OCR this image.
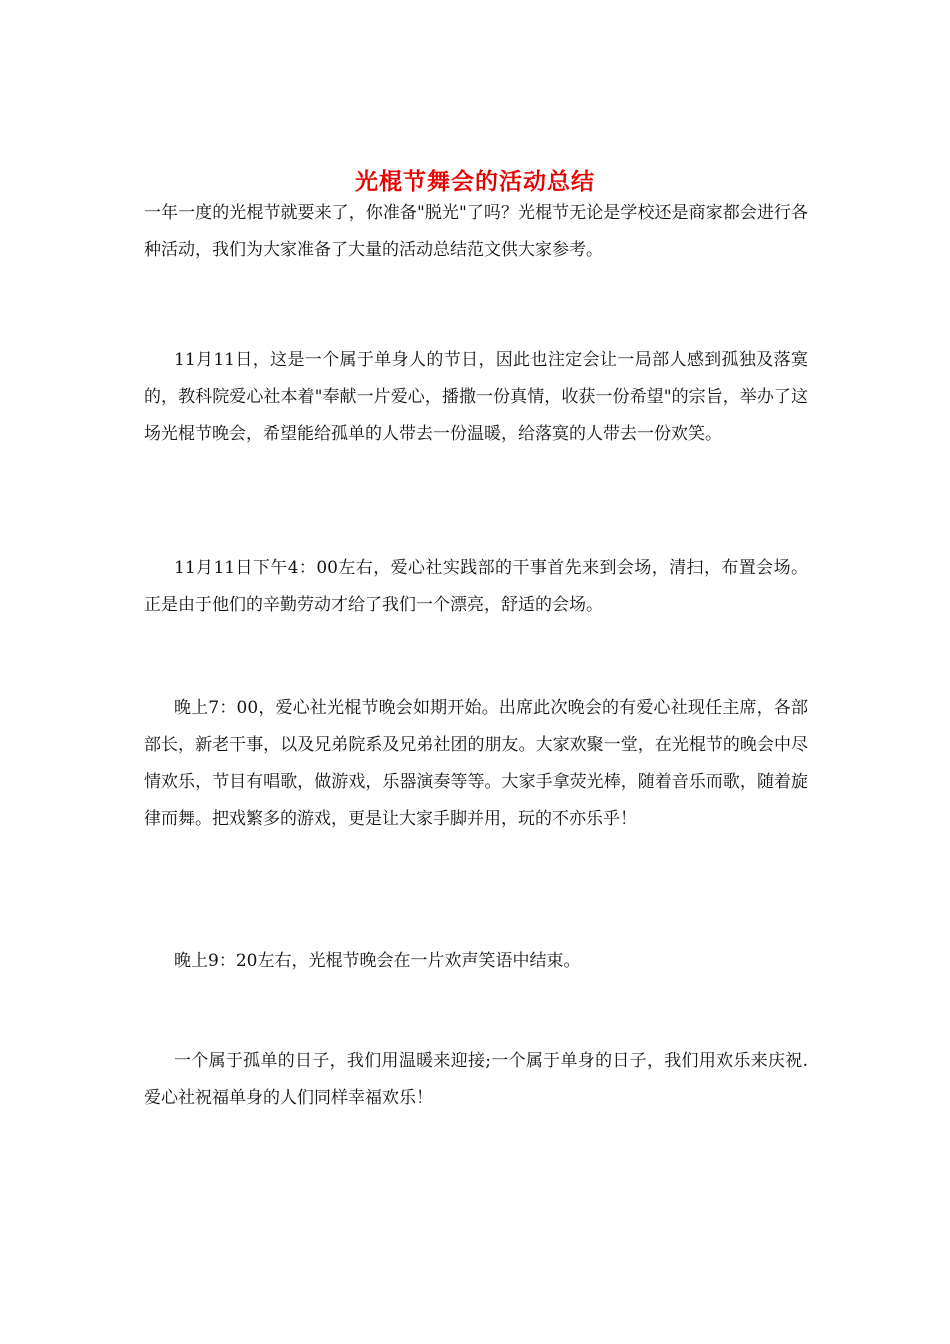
光棍节舞会的活动总结

一年一度的光棍节就要来了，你准备"脱光"了吗？光棍节无论是学校还是商家都会进行各种活动，我们为大家准备了大量的活动总结范文供大家参考。

11月11日，这是一个属于单身人的节日，因此也注定会让一局部人感到孤独及落寞的，教科院爱心社本着"奉献一片爱心，播撒一份真情，收获一份希望"的宗旨，举办了这场光棍节晚会，希望能给孤单的人带去一份温暖，给落寞的人带去一份欢笑。

11月11日下午4：00左右，爱心社实践部的干事首先来到会场，清扫，布置会场。正是由于他们的辛勤劳动才给了我们一个漂亮，舒适的会场。

晚上7：00，爱心社光棍节晚会如期开始。出席此次晚会的有爱心社现任主席，各部部长，新老干事，以及兄弟院系及兄弟社团的朋友。大家欢聚一堂，在光棍节的晚会中尽情欢乐，节目有唱歌，做游戏，乐器演奏等等。大家手拿荧光棒，随着音乐而歌，随着旋律而舞。把戏繁多的游戏，更是让大家手脚并用，玩的不亦乐乎！

晚上9：20左右，光棍节晚会在一片欢声笑语中结束。

一个属于孤单的日子，我们用温暖来迎接;一个属于单身的日子，我们用欢乐来庆祝.爱心社祝福单身的人们同样幸福欢乐！
